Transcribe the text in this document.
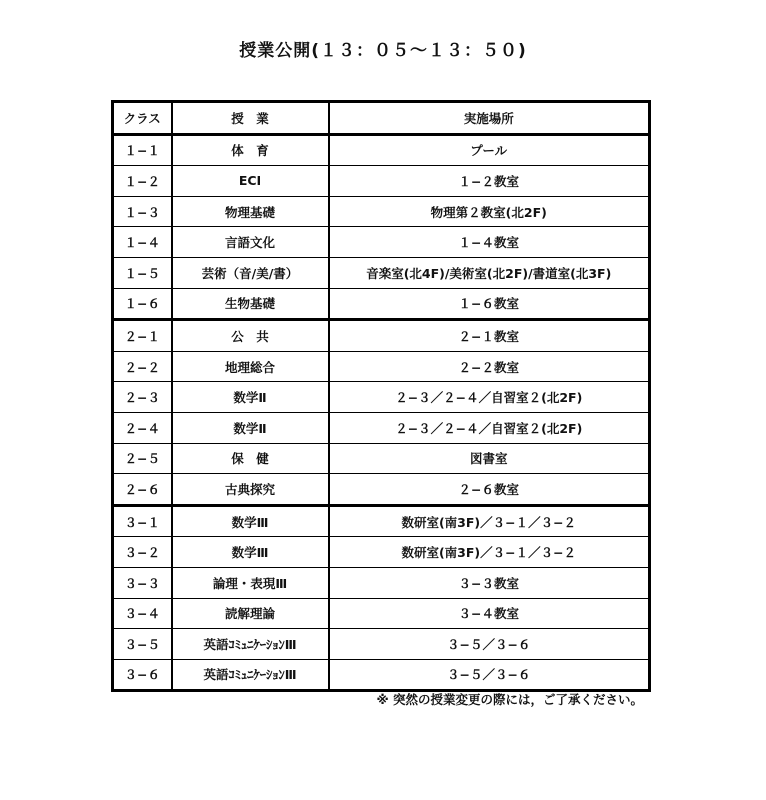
授業公開(１３：０５〜１３：５０)
クラス	授　業	実施場所
１−１	体　育	プール
１−２	ECⅠ	１−２教室
１−３	物理基礎	物理第２教室(北2F)
１−４	言語文化	１−４教室
１−５	芸術（音/美/書）	音楽室(北4F)/美術室(北2F)/書道室(北3F)
１−６	生物基礎	１−６教室
２−１	公　共	２−１教室
２−２	地理総合	２−２教室
２−３	数学Ⅱ	２−３／２−４／自習室２(北2F)
２−４	数学Ⅱ	２−３／２−４／自習室２(北2F)
２−５	保　健	図書室
２−６	古典探究	２−６教室
３−１	数学Ⅲ	数研室(南3F)／３−１／３−２
３−２	数学Ⅲ	数研室(南3F)／３−１／３−２
３−３	論理・表現Ⅲ	３−３教室
３−４	読解理論	３−４教室
３−５	英語ｺﾐｭﾆｹｰｼｮﾝⅢ	３−５／３−６
３−６	英語ｺﾐｭﾆｹｰｼｮﾝⅢ	３−５／３−６
※ 突然の授業変更の際には，ご了承ください。
